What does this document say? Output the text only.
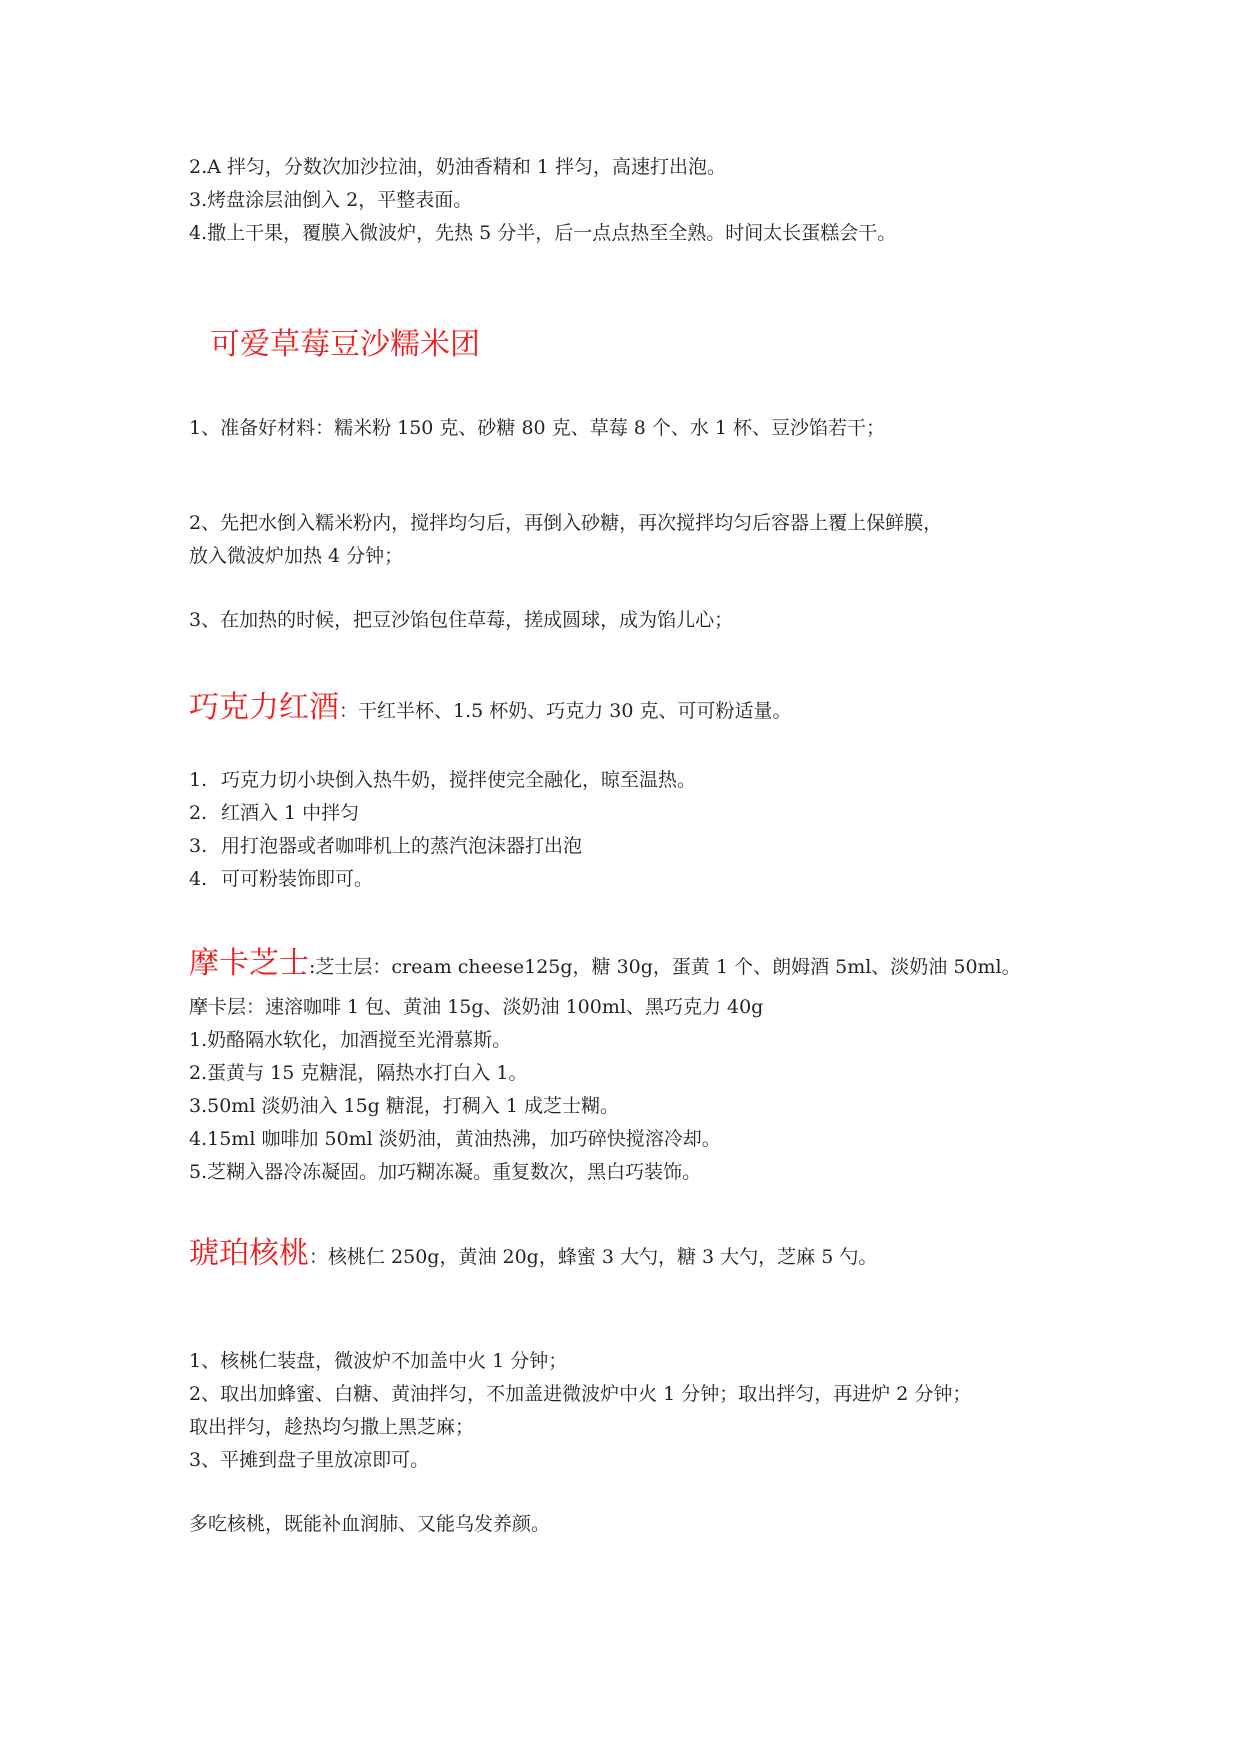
2.A 拌匀，分数次加沙拉油，奶油香精和 1 拌匀，高速打出泡。
3.烤盘涂层油倒入 2，平整表面。
4.撒上干果，覆膜入微波炉，先热 5 分半，后一点点热至全熟。时间太长蛋糕会干。
可爱草莓豆沙糯米团
1、准备好材料：糯米粉 150 克、砂糖 80 克、草莓 8 个、水 1 杯、豆沙馅若干；
2、先把水倒入糯米粉内，搅拌均匀后，再倒入砂糖，再次搅拌均匀后容器上覆上保鲜膜，
放入微波炉加热 4 分钟；
3、在加热的时候，把豆沙馅包住草莓，搓成圆球，成为馅儿心；
巧克力红酒：干红半杯、1.5 杯奶、巧克力 30 克、可可粉适量。
1. 巧克力切小块倒入热牛奶，搅拌使完全融化，晾至温热。
2. 红酒入 1 中拌匀
3. 用打泡器或者咖啡机上的蒸汽泡沫器打出泡
4. 可可粉装饰即可。
摩卡芝士:芝士层：cream cheese125g，糖 30g，蛋黄 1 个、朗姆酒 5ml、淡奶油 50ml。
摩卡层：速溶咖啡 1 包、黄油 15g、淡奶油 100ml、黑巧克力 40g
1.奶酪隔水软化，加酒搅至光滑慕斯。
2.蛋黄与 15 克糖混，隔热水打白入 1。
3.50ml 淡奶油入 15g 糖混，打稠入 1 成芝士糊。
4.15ml 咖啡加 50ml 淡奶油，黄油热沸，加巧碎快搅溶冷却。
5.芝糊入器冷冻凝固。加巧糊冻凝。重复数次，黑白巧装饰。
琥珀核桃：核桃仁 250g，黄油 20g，蜂蜜 3 大勺，糖 3 大勺，芝麻 5 勺。
1、核桃仁装盘，微波炉不加盖中火 1 分钟；
2、取出加蜂蜜、白糖、黄油拌匀，不加盖进微波炉中火 1 分钟；取出拌匀，再进炉 2 分钟；
取出拌匀，趁热均匀撒上黑芝麻；
3、平摊到盘子里放凉即可。
多吃核桃，既能补血润肺、又能乌发养颜。
